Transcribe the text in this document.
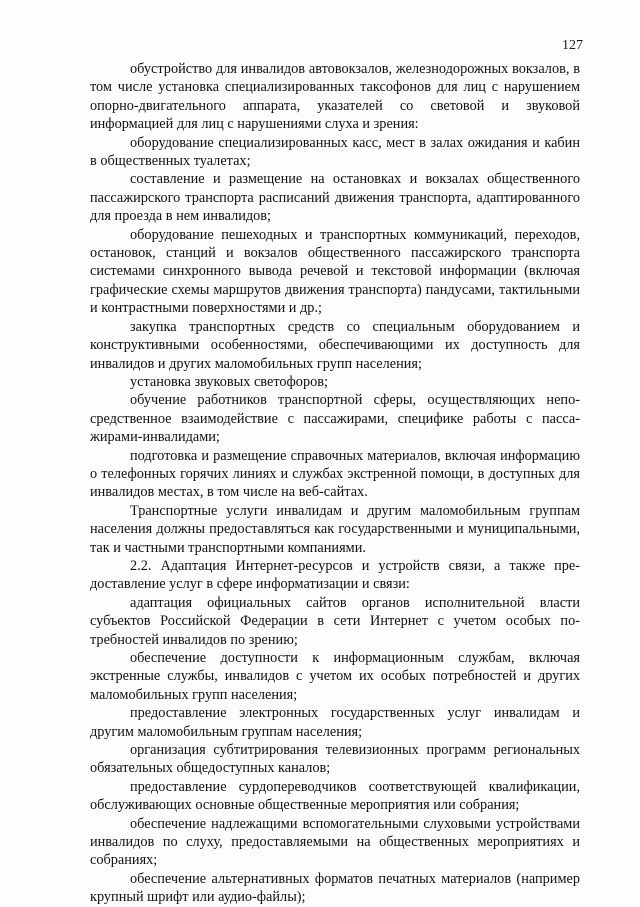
127

обустройство для инвалидов автовокзалов, железнодорожных вокзалов, в том числе установка специализированных таксофонов для лиц с нарушением опорно-двигательного аппарата, указателей со световой и звуковой информацией для лиц с нарушениями слуха и зрения:

оборудование специализированных касс, мест в залах ожидания и кабин в общественных туалетах;

составление и размещение на остановках и вокзалах общественного пассажирского транспорта расписаний движения транспорта, адаптированного для проезда в нем инвалидов;

оборудование пешеходных и транспортных коммуникаций, переходов, остановок, станций и вокзалов общественного пассажирского транспорта системами синхронного вывода речевой и текстовой информации (включая графические схемы маршрутов движения транспорта) пандусами, тактильными и контрастными поверхностями и др.;

закупка транспортных средств со специальным оборудованием и конструктивными особенностями, обеспечивающими их доступность для инвалидов и других маломобильных групп населения;

установка звуковых светофоров;

обучение работников транспортной сферы, осуществляющих непосредственное взаимодействие с пассажирами, специфике работы с пассажирами-инвалидами;

подготовка и размещение справочных материалов, включая информацию о телефонных горячих линиях и службах экстренной помощи, в доступных для инвалидов местах, в том числе на веб-сайтах.

Транспортные услуги инвалидам и другим маломобильным группам населения должны предоставляться как государственными и муниципальными, так и частными транспортными компаниями.

2.2. Адаптация Интернет-ресурсов и устройств связи, а также предоставление услуг в сфере информатизации и связи:

адаптация официальных сайтов органов исполнительной власти субъектов Российской Федерации в сети Интернет с учетом особых потребностей инвалидов по зрению;

обеспечение доступности к информационным службам, включая экстренные службы, инвалидов с учетом их особых потребностей и других маломобильных групп населения;

предоставление электронных государственных услуг инвалидам и другим маломобильным группам населения;

организация субтитрирования телевизионных программ региональных обязательных общедоступных каналов;

предоставление сурдопереводчиков соответствующей квалификации, обслуживающих основные общественные мероприятия или собрания;

обеспечение надлежащими вспомогательными слуховыми устройствами инвалидов по слуху, предоставляемыми на общественных мероприятиях и собраниях;

обеспечение альтернативных форматов печатных материалов (например крупный шрифт или аудио-файлы);
